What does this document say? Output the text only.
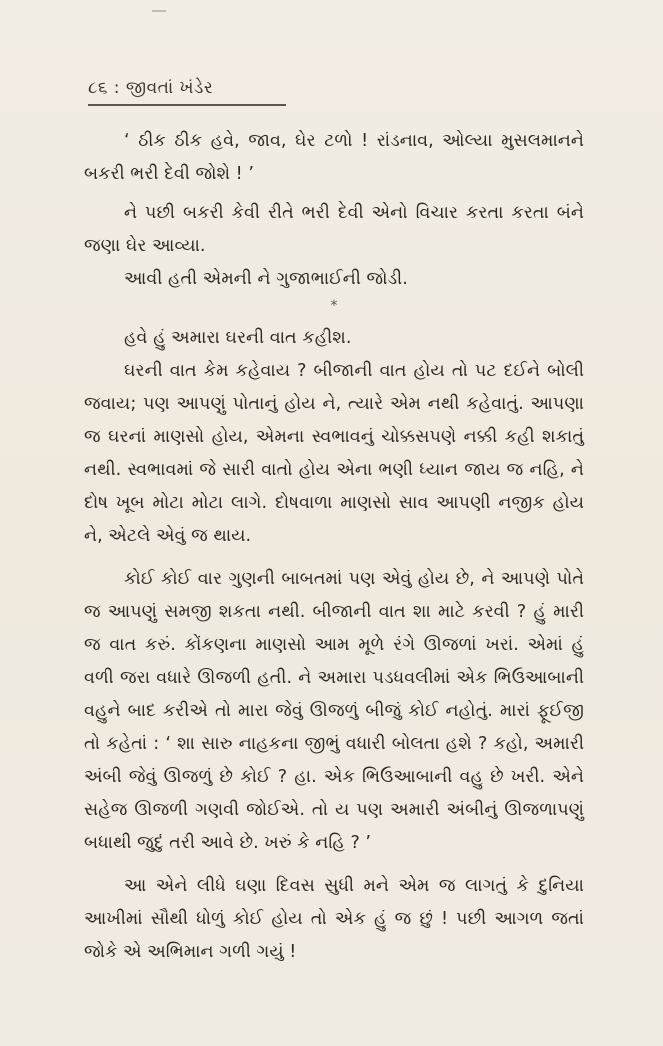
૮૬ : જીવતાં ખંડેર

‘ ઠીક ઠીક હવે, જાવ, ઘેર ટળો ! રાંડનાવ, ઓલ્યા મુસલમાનને બકરી ભરી દેવી જોશે ! ’

ને પછી બકરી કેવી રીતે ભરી દેવી એનો વિચાર કરતા કરતા બંને જણા ઘેર આવ્યા.

આવી હતી એમની ને ગુજાભાઈની જોડી.

*

હવે હું અમારા ઘરની વાત કહીશ.

ઘરની વાત કેમ કહેવાય ? બીજાની વાત હોય તો પટ દઈને બોલી જવાય; પણ આપણું પોતાનું હોય ને, ત્યારે એમ નથી કહેવાતું. આપણા જ ઘરનાં માણસો હોય, એમના સ્વભાવનું ચોક્કસપણે નક્કી કહી શકાતું નથી. સ્વભાવમાં જે સારી વાતો હોય એના ભણી ધ્યાન જાય જ નહિ, ને દોષ ખૂબ મોટા મોટા લાગે. દોષવાળા માણસો સાવ આપણી નજીક હોય ને, એટલે એવું જ થાય.

કોઈ કોઈ વાર ગુણની બાબતમાં પણ એવું હોય છે, ને આપણે પોતે જ આપણું સમજી શકતા નથી. બીજાની વાત શા માટે કરવી ? હું મારી જ વાત કરું. કોંકણના માણસો આમ મૂળે રંગે ઊજળાં ખરાં. એમાં હું વળી જરા વધારે ઊજળી હતી. ને અમારા પડધવલીમાં એક ભિઉઆબાની વહુને બાદ કરીએ તો મારા જેવું ઊજળું બીજું કોઈ નહોતું. મારાં ફૂઈજી તો કહેતાં : ‘ શા સારુ નાહકના જીભું વધારી બોલતા હશે ? કહો, અમારી અંબી જેવું ઊજળું છે કોઈ ? હા. એક ભિઉઆબાની વહુ છે ખરી. એને સહેજ ઊજળી ગણવી જોઈએ. તો ય પણ અમારી અંબીનું ઊજળાપણું બધાથી જુદું તરી આવે છે. ખરું કે નહિ ? ’

આ એને લીધે ઘણા દિવસ સુધી મને એમ જ લાગતું કે દુનિયા આખીમાં સૌથી ધોળું કોઈ હોય તો એક હું જ છું ! પછી આગળ જતાં જોકે એ અભિમાન ગળી ગયું !
